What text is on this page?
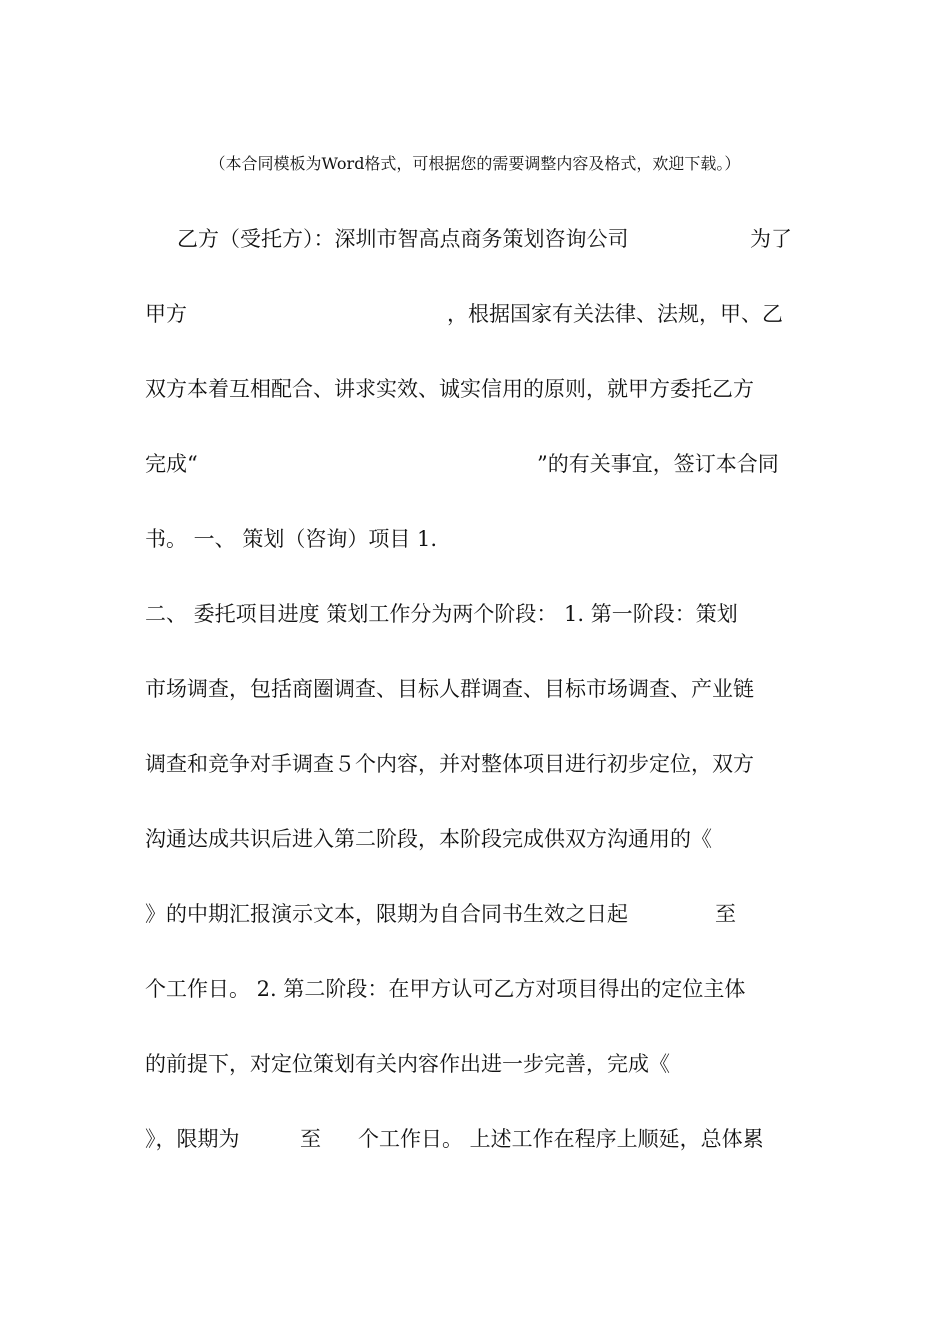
（本合同模板为Word格式，可根据您的需要调整内容及格式，欢迎下载。）
乙方（受托方）：深圳市智高点商务策划咨询公司	为了
甲方	，根据国家有关法律、法规，甲、乙
双方本着互相配合、讲求实效、诚实信用的原则，就甲方委托乙方
完成“	”的有关事宜，签订本合同
书。 一、 策划（咨询）项目 1.
二、 委托项目进度 策划工作分为两个阶段： 1. 第一阶段：策划
市场调查，包括商圈调查、目标人群调查、目标市场调查、产业链
调查和竞争对手调查５个内容，并对整体项目进行初步定位，双方
沟通达成共识后进入第二阶段，本阶段完成供双方沟通用的《
》的中期汇报演示文本，限期为自合同书生效之日起	至
个工作日。 2. 第二阶段：在甲方认可乙方对项目得出的定位主体
的前提下，对定位策划有关内容作出进一步完善，完成《
》，限期为	至 个工作日。 上述工作在程序上顺延，总体累
